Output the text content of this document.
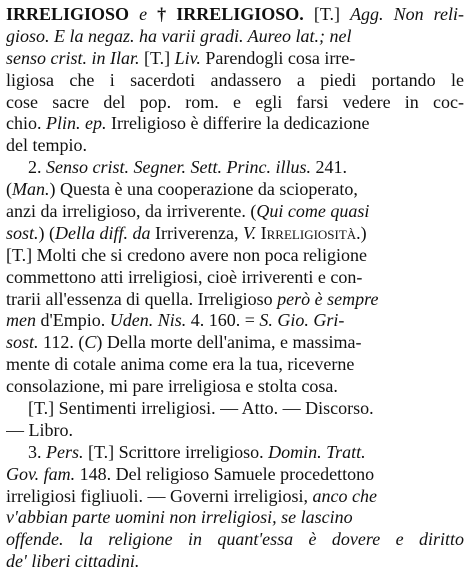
IRRELIGIOSO e † IRRELIGIOSO. [T.] Agg. Non reli-
gioso. E la negaz. ha varii gradi. Aureo lat.; nel
senso crist. in Ilar. [T.] Liv. Parendogli cosa irre-
ligiosa che i sacerdoti andassero a piedi portando le
cose sacre del pop. rom. e egli farsi vedere in coc-
chio. Plin. ep. Irreligioso è differire la dedicazione
del tempio.
2. Senso crist. Segner. Sett. Princ. illus. 241.
(Man.) Questa è una cooperazione da scioperato,
anzi da irreligioso, da irriverente. (Qui come quasi
sost.) (Della diff. da Irriverenza, V. Irreligiosità.)
[T.] Molti che si credono avere non poca religione
commettono atti irreligiosi, cioè irriverenti e con-
trarii all'essenza di quella. Irreligioso però è sempre
men d'Empio. Uden. Nis. 4. 160. = S. Gio. Gri-
sost. 112. (C) Della morte dell'anima, e massima-
mente di cotale anima come era la tua, riceverne
consolazione, mi pare irreligiosa e stolta cosa.
[T.] Sentimenti irreligiosi. — Atto. — Discorso.
— Libro.
3. Pers. [T.] Scrittore irreligioso. Domin. Tratt.
Gov. fam. 148. Del religioso Samuele procedettono
irreligiosi figliuoli. — Governi irreligiosi, anco che
v'abbian parte uomini non irreligiosi, se lascino
offende. la religione in quant'essa è dovere e diritto
de' liberi cittadini.
